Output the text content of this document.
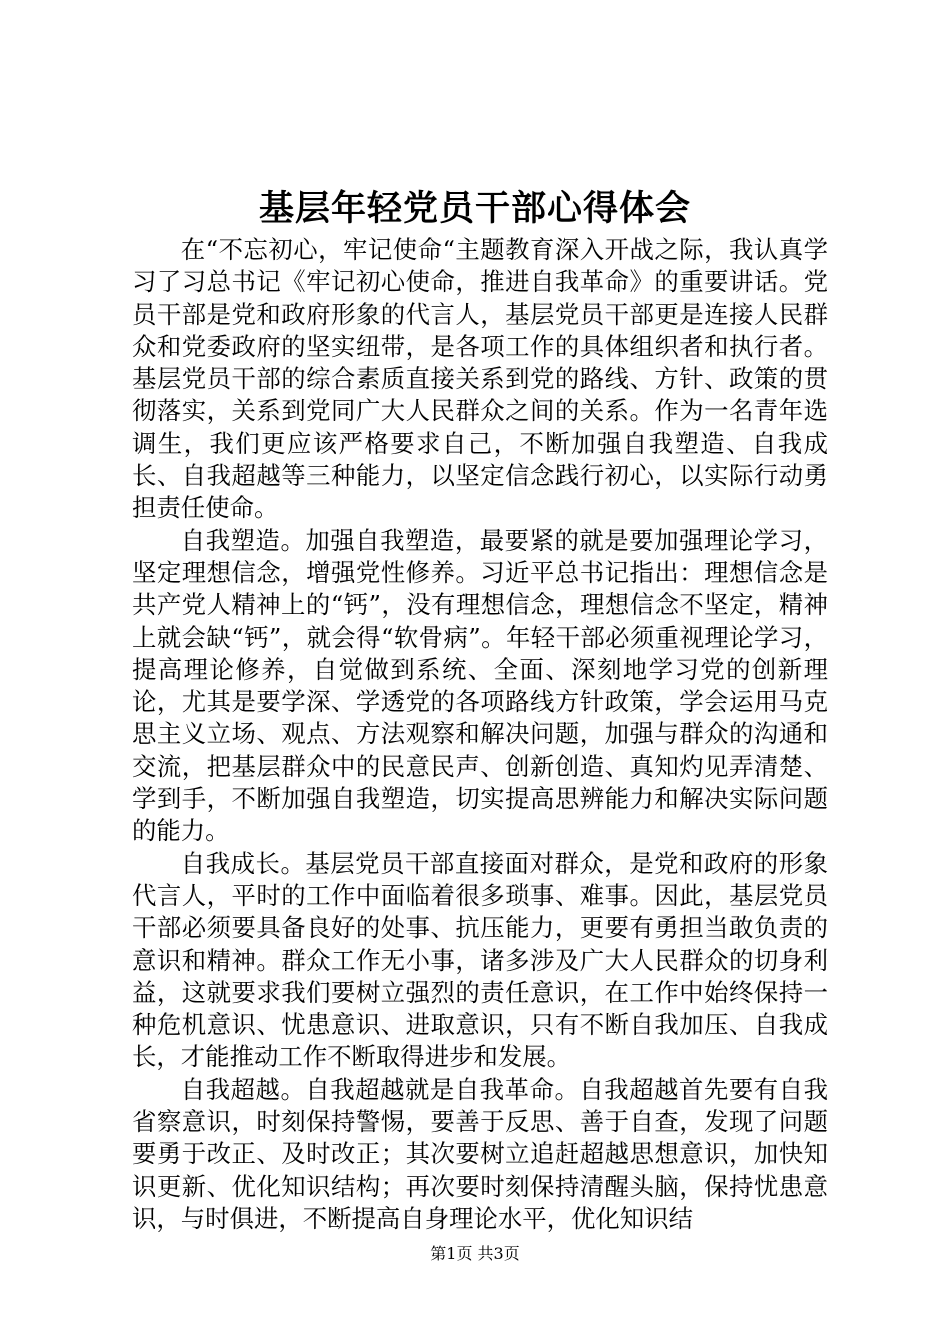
基层年轻党员干部心得体会

在“不忘初心，牢记使命“主题教育深入开战之际，我认真学习了习总书记《牢记初心使命，推进自我革命》的重要讲话。党员干部是党和政府形象的代言人，基层党员干部更是连接人民群众和党委政府的坚实纽带，是各项工作的具体组织者和执行者。基层党员干部的综合素质直接关系到党的路线、方针、政策的贯彻落实，关系到党同广大人民群众之间的关系。作为一名青年选调生，我们更应该严格要求自己，不断加强自我塑造、自我成长、自我超越等三种能力，以坚定信念践行初心，以实际行动勇担责任使命。

自我塑造。加强自我塑造，最要紧的就是要加强理论学习，坚定理想信念，增强党性修养。习近平总书记指出：理想信念是共产党人精神上的“钙”，没有理想信念，理想信念不坚定，精神上就会缺“钙”，就会得“软骨病”。年轻干部必须重视理论学习，提高理论修养，自觉做到系统、全面、深刻地学习党的创新理论，尤其是要学深、学透党的各项路线方针政策，学会运用马克思主义立场、观点、方法观察和解决问题，加强与群众的沟通和交流，把基层群众中的民意民声、创新创造、真知灼见弄清楚、学到手，不断加强自我塑造，切实提高思辨能力和解决实际问题的能力。

自我成长。基层党员干部直接面对群众，是党和政府的形象代言人，平时的工作中面临着很多琐事、难事。因此，基层党员干部必须要具备良好的处事、抗压能力，更要有勇担当敢负责的意识和精神。群众工作无小事，诸多涉及广大人民群众的切身利益，这就要求我们要树立强烈的责任意识，在工作中始终保持一种危机意识、忧患意识、进取意识，只有不断自我加压、自我成长，才能推动工作不断取得进步和发展。

自我超越。自我超越就是自我革命。自我超越首先要有自我省察意识，时刻保持警惕，要善于反思、善于自查，发现了问题要勇于改正、及时改正；其次要树立追赶超越思想意识，加快知识更新、优化知识结构；再次要时刻保持清醒头脑，保持忧患意识，与时俱进，不断提高自身理论水平，优化知识结

第1页 共3页
